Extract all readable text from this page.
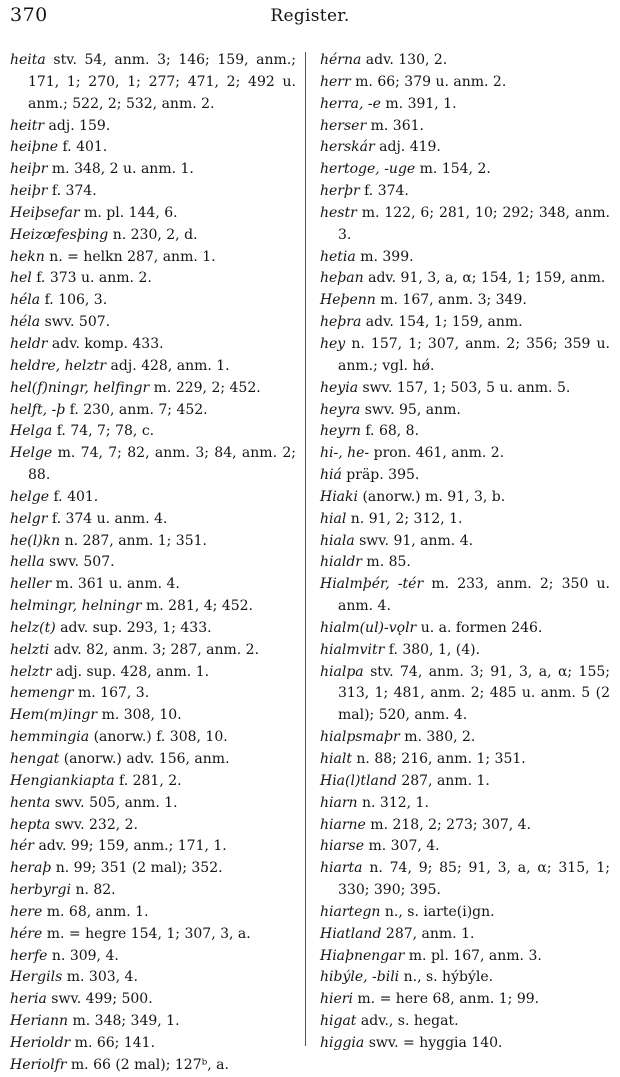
370	Register.
heita stv. 54, anm. 3; 146; 159, anm.; 171, 1; 270, 1; 277; 471, 2; 492 u. anm.; 522, 2; 532, anm. 2.
heitr adj. 159.
heiþne f. 401.
heiþr m. 348, 2 u. anm. 1.
heiþr f. 374.
Heiþsefar m. pl. 144, 6.
Heizœfesþing n. 230, 2, d.
hekn n. = helkn 287, anm. 1.
hel f. 373 u. anm. 2.
héla f. 106, 3.
héla swv. 507.
heldr adv. komp. 433.
heldre, helztr adj. 428, anm. 1.
hel(f)ningr, helfingr m. 229, 2; 452.
helft, -þ f. 230, anm. 7; 452.
Helga f. 74, 7; 78, c.
Helge m. 74, 7; 82, anm. 3; 84, anm. 2; 88.
helge f. 401.
helgr f. 374 u. anm. 4.
he(l)kn n. 287, anm. 1; 351.
hella swv. 507.
heller m. 361 u. anm. 4.
helmingr, helningr m. 281, 4; 452.
helz(t) adv. sup. 293, 1; 433.
helzti adv. 82, anm. 3; 287, anm. 2.
helztr adj. sup. 428, anm. 1.
hemengr m. 167, 3.
Hem(m)ingr m. 308, 10.
hemmingia (anorw.) f. 308, 10.
hengat (anorw.) adv. 156, anm.
Hengiankiapta f. 281, 2.
henta swv. 505, anm. 1.
hepta swv. 232, 2.
hér adv. 99; 159, anm.; 171, 1.
heraþ n. 99; 351 (2 mal); 352.
herbyrgi n. 82.
here m. 68, anm. 1.
hére m. = hegre 154, 1; 307, 3, a.
herfe n. 309, 4.
Hergils m. 303, 4.
heria swv. 499; 500.
Heriann m. 348; 349, 1.
Herioldr m. 66; 141.
Heriolfr m. 66 (2 mal); 127ᵇ, a.
hérna adv. 130, 2.
herr m. 66; 379 u. anm. 2.
herra, -e m. 391, 1.
herser m. 361.
herskár adj. 419.
hertoge, -uge m. 154, 2.
herþr f. 374.
hestr m. 122, 6; 281, 10; 292; 348, anm. 3.
hetia m. 399.
heþan adv. 91, 3, a, α; 154, 1; 159, anm.
Heþenn m. 167, anm. 3; 349.
heþra adv. 154, 1; 159, anm.
hey n. 157, 1; 307, anm. 2; 356; 359 u. anm.; vgl. hǿ.
heyia swv. 157, 1; 503, 5 u. anm. 5.
heyra swv. 95, anm.
heyrn f. 68, 8.
hi-, he- pron. 461, anm. 2.
hiá präp. 395.
Hiaki (anorw.) m. 91, 3, b.
hial n. 91, 2; 312, 1.
hiala swv. 91, anm. 4.
hialdr m. 85.
Hialmþér, -tér m. 233, anm. 2; 350 u. anm. 4.
hialm(ul)-vǫlr u. a. formen 246.
hialmvitr f. 380, 1, (4).
hialpa stv. 74, anm. 3; 91, 3, a, α; 155; 313, 1; 481, anm. 2; 485 u. anm. 5 (2 mal); 520, anm. 4.
hialpsmaþr m. 380, 2.
hialt n. 88; 216, anm. 1; 351.
Hia(l)tland 287, anm. 1.
hiarn n. 312, 1.
hiarne m. 218, 2; 273; 307, 4.
hiarse m. 307, 4.
hiarta n. 74, 9; 85; 91, 3, a, α; 315, 1; 330; 390; 395.
hiartegn n., s. iarte(i)gn.
Hiatland 287, anm. 1.
Hiaþnengar m. pl. 167, anm. 3.
hibýle, -bili n., s. hýbýle.
hieri m. = here 68, anm. 1; 99.
higat adv., s. hegat.
higgia swv. = hyggia 140.
